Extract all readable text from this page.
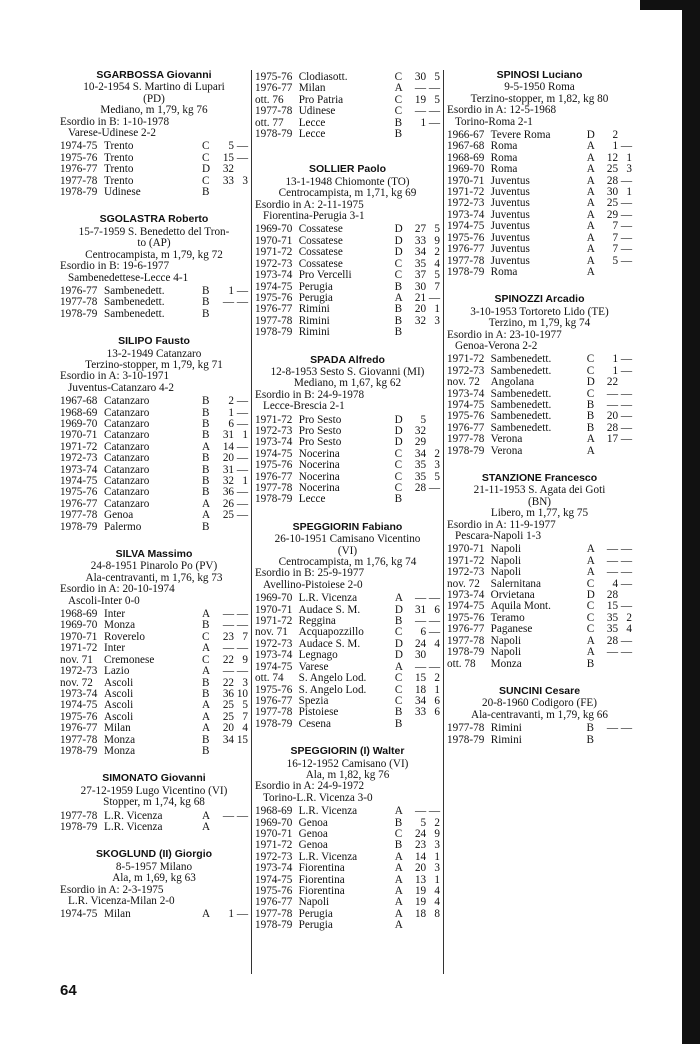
SGARBOSSA Giovanni
10-2-1954 S. Martino di Lupari
(PD)
Mediano, m 1,79, kg 76
Esordio in B: 1-10-1978
Varese-Udinese 2-2
1974-75	Trento	C	5	—
1975-76	Trento	C	15	—
1976-77	Trento	D	32	
1977-78	Trento	C	33	3
1978-79	Udinese	B		
SGOLASTRA Roberto
15-7-1959 S. Benedetto del Tron-
to (AP)
Centrocampista, m 1,79, kg 72
Esordio in B: 19-6-1977
Sambenedettese-Lecce 4-1
1976-77	Sambenedett.	B	1	—
1977-78	Sambenedett.	B	—	—
1978-79	Sambenedett.	B		
SILIPO Fausto
13-2-1949 Catanzaro
Terzino-stopper, m 1,79, kg 71
Esordio in A: 3-10-1971
Juventus-Catanzaro 4-2
1967-68	Catanzaro	B	2	—
1968-69	Catanzaro	B	1	—
1969-70	Catanzaro	B	6	—
1970-71	Catanzaro	B	31	1
1971-72	Catanzaro	A	14	—
1972-73	Catanzaro	B	20	—
1973-74	Catanzaro	B	31	—
1974-75	Catanzaro	B	32	1
1975-76	Catanzaro	B	36	—
1976-77	Catanzaro	A	26	—
1977-78	Genoa	A	25	—
1978-79	Palermo	B		
SILVA Massimo
24-8-1951 Pinarolo Po (PV)
Ala-centravanti, m 1,76, kg 73
Esordio in A: 20-10-1974
Ascoli-Inter 0-0
1968-69	Inter	A	—	—
1969-70	Monza	B	—	—
1970-71	Roverelo	C	23	7
1971-72	Inter	A	—	—
nov. 71	Cremonese	C	22	9
1972-73	Lazio	A	—	—
nov. 72	Ascoli	B	22	3
1973-74	Ascoli	B	36	10
1974-75	Ascoli	A	25	5
1975-76	Ascoli	A	25	7
1976-77	Milan	A	20	4
1977-78	Monza	B	34	15
1978-79	Monza	B		
SIMONATO Giovanni
27-12-1959 Lugo Vicentino (VI)
Stopper, m 1,74, kg 68
1977-78	L.R. Vicenza	A	—	—
1978-79	L.R. Vicenza	A		
SKOGLUND (II) Giorgio
8-5-1957 Milano
Ala, m 1,69, kg 63
Esordio in A: 2-3-1975
L.R. Vicenza-Milan 2-0
1974-75	Milan	A	1	—
1975-76	Clodiasott.	C	30	5
1976-77	Milan	A	—	—
ott. 76	Pro Patria	C	19	5
1977-78	Udinese	C	—	—
ott. 77	Lecce	B	1	—
1978-79	Lecce	B		
SOLLIER Paolo
13-1-1948 Chiomonte (TO)
Centrocampista, m 1,71, kg 69
Esordio in A: 2-11-1975
Fiorentina-Perugia 3-1
1969-70	Cossatese	D	27	5
1970-71	Cossatese	D	33	9
1971-72	Cossatese	D	34	2
1972-73	Cossatese	C	35	4
1973-74	Pro Vercelli	C	37	5
1974-75	Perugia	B	30	7
1975-76	Perugia	A	21	—
1976-77	Rimini	B	20	1
1977-78	Rimini	B	32	3
1978-79	Rimini	B		
SPADA Alfredo
12-8-1953 Sesto S. Giovanni (MI)
Mediano, m 1,67, kg 62
Esordio in B: 24-9-1978
Lecce-Brescia 2-1
1971-72	Pro Sesto	D	5	
1972-73	Pro Sesto	D	32	
1973-74	Pro Sesto	D	29	
1974-75	Nocerina	C	34	2
1975-76	Nocerina	C	35	3
1976-77	Nocerina	C	35	5
1977-78	Nocerina	C	28	—
1978-79	Lecce	B		
SPEGGIORIN Fabiano
26-10-1951 Camisano Vicentino
(VI)
Centrocampista, m 1,76, kg 74
Esordio in B: 25-9-1977
Avellino-Pistoiese 2-0
1969-70	L.R. Vicenza	A	—	—
1970-71	Audace S. M.	D	31	6
1971-72	Reggina	B	—	—
nov. 71	Acquapozzillo	C	6	—
1972-73	Audace S. M.	D	24	4
1973-74	Legnago	D	30	
1974-75	Varese	A	—	—
ott. 74	S. Angelo Lod.	C	15	2
1975-76	S. Angelo Lod.	C	18	1
1976-77	Spezia	C	34	6
1977-78	Pistoiese	B	33	6
1978-79	Cesena	B		
SPEGGIORIN (I) Walter
16-12-1952 Camisano (VI)
Ala, m 1,82, kg 76
Esordio in A: 24-9-1972
Torino-L.R. Vicenza 3-0
1968-69	L.R. Vicenza	A	—	—
1969-70	Genoa	B	5	2
1970-71	Genoa	C	24	9
1971-72	Genoa	B	23	3
1972-73	L.R. Vicenza	A	14	1
1973-74	Fiorentina	A	20	3
1974-75	Fiorentina	A	13	1
1975-76	Fiorentina	A	19	4
1976-77	Napoli	A	19	4
1977-78	Perugia	A	18	8
1978-79	Perugia	A		
SPINOSI Luciano
9-5-1950 Roma
Terzino-stopper, m 1,82, kg 80
Esordio in A: 12-5-1968
Torino-Roma 2-1
1966-67	Tevere Roma	D	2	
1967-68	Roma	A	1	—
1968-69	Roma	A	12	1
1969-70	Roma	A	25	3
1970-71	Juventus	A	28	—
1971-72	Juventus	A	30	1
1972-73	Juventus	A	25	—
1973-74	Juventus	A	29	—
1974-75	Juventus	A	7	—
1975-76	Juventus	A	7	—
1976-77	Juventus	A	7	—
1977-78	Juventus	A	5	—
1978-79	Roma	A		
SPINOZZI Arcadio
3-10-1953 Tortoreto Lido (TE)
Terzino, m 1,79, kg 74
Esordio in A: 23-10-1977
Genoa-Verona 2-2
1971-72	Sambenedett.	C	1	—
1972-73	Sambenedett.	C	1	—
nov. 72	Angolana	D	22	
1973-74	Sambenedett.	C	—	—
1974-75	Sambenedett.	B	—	—
1975-76	Sambenedett.	B	20	—
1976-77	Sambenedett.	B	28	—
1977-78	Verona	A	17	—
1978-79	Verona	A		
STANZIONE Francesco
21-11-1953 S. Agata dei Goti
(BN)
Libero, m 1,77, kg 75
Esordio in A: 11-9-1977
Pescara-Napoli 1-3
1970-71	Napoli	A	—	—
1971-72	Napoli	A	—	—
1972-73	Napoli	A	—	—
nov. 72	Salernitana	C	4	—
1973-74	Orvietana	D	28	
1974-75	Aquila Mont.	C	15	—
1975-76	Teramo	C	35	2
1976-77	Paganese	C	35	4
1977-78	Napoli	A	28	—
1978-79	Napoli	A	—	—
ott. 78	Monza	B		
SUNCINI Cesare
20-8-1960 Codigoro (FE)
Ala-centravanti, m 1,79, kg 66
1977-78	Rimini	B	—	—
1978-79	Rimini	B		
64
